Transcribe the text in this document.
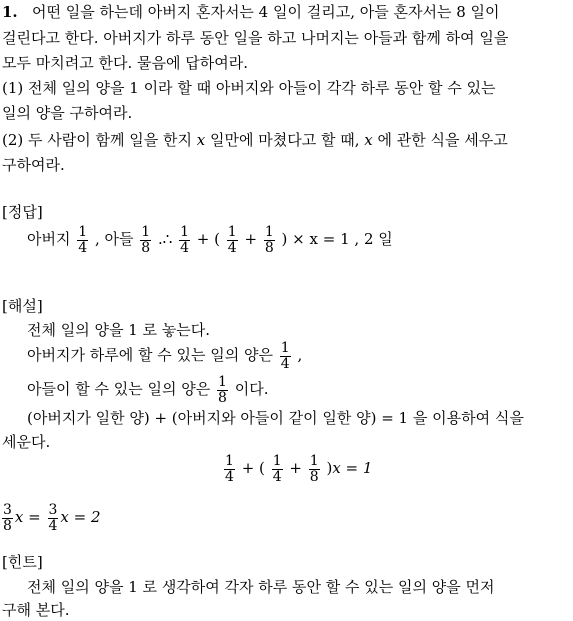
1. 어떤 일을 하는데 아버지 혼자서는 4 일이 걸리고, 아들 혼자서는 8 일이
걸린다고 한다. 아버지가 하루 동안 일을 하고 나머지는 아들과 함께 하여 일을
모두 마치려고 한다. 물음에 답하여라.
(1) 전체 일의 양을 1 이라 할 때 아버지와 아들이 각각 하루 동안 할 수 있는
일의 양을 구하여라.
(2) 두 사람이 함께 일을 한지 x 일만에 마쳤다고 할 때, x 에 관한 식을 세우고
구하여라.
[정답]
아버지 $\frac{1}{4}$ , 아들 $\frac{1}{8}$ .∴ $\frac{1}{4}$ + ( $\frac{1}{4} + \frac{1}{8}$ ) × x = 1 , 2 일
[해설]
전체 일의 양을 1 로 놓는다.
아버지가 하루에 할 수 있는 일의 양은 $\frac{1}{4}$ ,
아들이 할 수 있는 일의 양은 $\frac{1}{8}$ 이다.
(아버지가 일한 양) + (아버지와 아들이 같이 일한 양) = 1 을 이용하여 식을
세운다.
$\frac{1}{4}$ + ( $\frac{1}{4} + \frac{1}{8} )x = 1$
$\frac{3}{8}$ $x = \frac{3}{4}$ x = 2
[힌트]
전체 일의 양을 1 로 생각하여 각자 하루 동안 할 수 있는 일의 양을 먼저
구해 본다.
